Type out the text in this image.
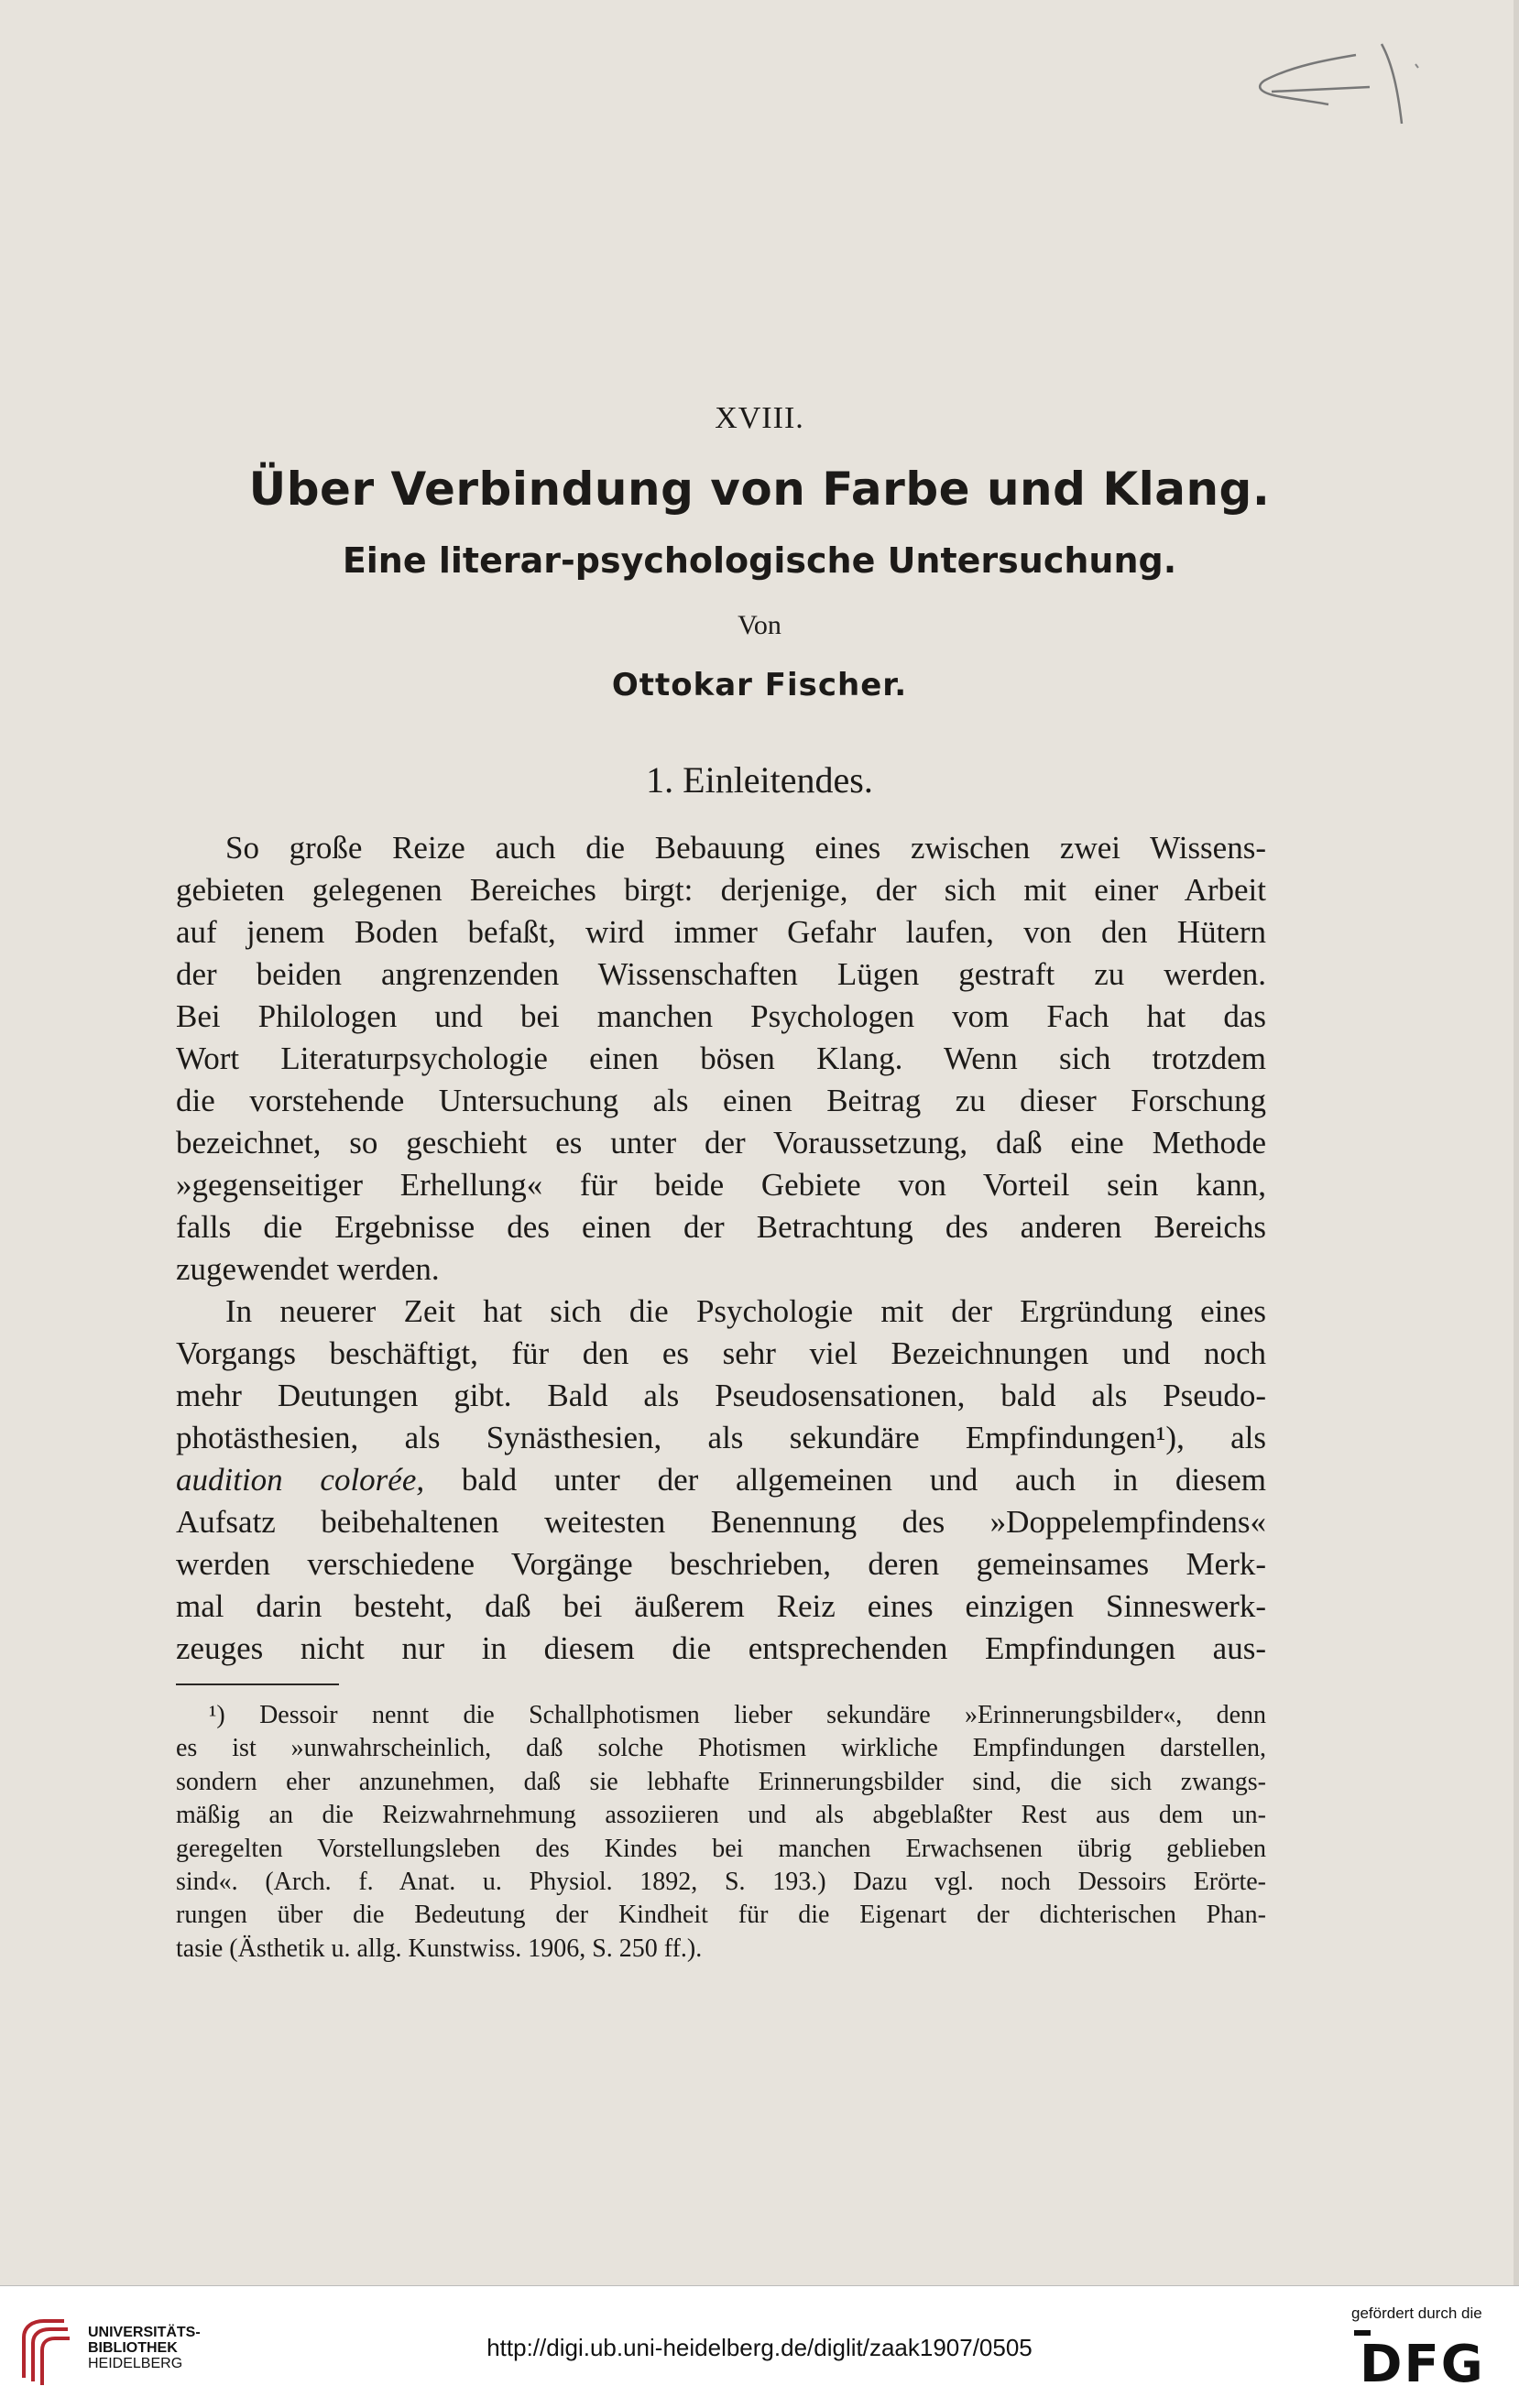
XVIII.
Über Verbindung von Farbe und Klang.
Eine literar-psychologische Untersuchung.
Von
Ottokar Fischer.
1. Einleitendes.
So große Reize auch die Bebauung eines zwischen zwei Wissens-
gebieten gelegenen Bereiches birgt: derjenige, der sich mit einer Arbeit
auf jenem Boden befaßt, wird immer Gefahr laufen, von den Hütern
der beiden angrenzenden Wissenschaften Lügen gestraft zu werden.
Bei Philologen und bei manchen Psychologen vom Fach hat das
Wort Literaturpsychologie einen bösen Klang. Wenn sich trotzdem
die vorstehende Untersuchung als einen Beitrag zu dieser Forschung
bezeichnet, so geschieht es unter der Voraussetzung, daß eine Methode
»gegenseitiger Erhellung« für beide Gebiete von Vorteil sein kann,
falls die Ergebnisse des einen der Betrachtung des anderen Bereichs
zugewendet werden.
In neuerer Zeit hat sich die Psychologie mit der Ergründung eines
Vorgangs beschäftigt, für den es sehr viel Bezeichnungen und noch
mehr Deutungen gibt. Bald als Pseudosensationen, bald als Pseudo-
photästhesien, als Synästhesien, als sekundäre Empfindungen¹), als
audition colorée, bald unter der allgemeinen und auch in diesem
Aufsatz beibehaltenen weitesten Benennung des »Doppelempfindens«
werden verschiedene Vorgänge beschrieben, deren gemeinsames Merk-
mal darin besteht, daß bei äußerem Reiz eines einzigen Sinneswerk-
zeuges nicht nur in diesem die entsprechenden Empfindungen aus-
¹) Dessoir nennt die Schallphotismen lieber sekundäre »Erinnerungsbilder«, denn
es ist »unwahrscheinlich, daß solche Photismen wirkliche Empfindungen darstellen,
sondern eher anzunehmen, daß sie lebhafte Erinnerungsbilder sind, die sich zwangs-
mäßig an die Reizwahrnehmung assoziieren und als abgeblaßter Rest aus dem un-
geregelten Vorstellungsleben des Kindes bei manchen Erwachsenen übrig geblieben
sind«. (Arch. f. Anat. u. Physiol. 1892, S. 193.) Dazu vgl. noch Dessoirs Erörte-
rungen über die Bedeutung der Kindheit für die Eigenart der dichterischen Phan-
tasie (Ästhetik u. allg. Kunstwiss. 1906, S. 250 ff.).
UNIVERSITÄTS-
BIBLIOTHEK
HEIDELBERG
http://digi.ub.uni-heidelberg.de/diglit/zaak1907/0505
gefördert durch die
DFG
